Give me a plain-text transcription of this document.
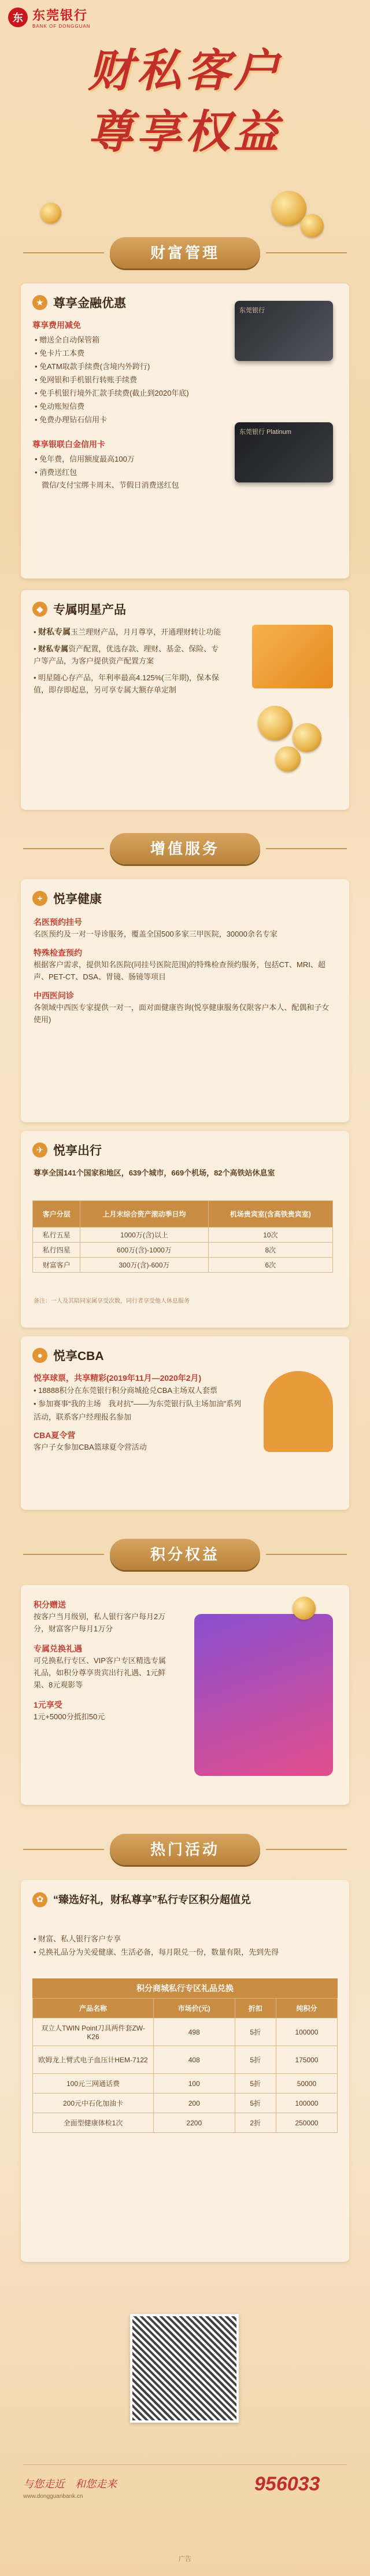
东 东莞银行
BANK OF DONGGUAN
财私客户
尊享权益
财富管理
★ 尊享金融优惠
尊享费用减免
• 赠送全自动保管箱
• 免卡片工本费
• 免ATM取款手续费(含境内外跨行)
• 免网银和手机银行转账手续费
• 免手机银行境外汇款手续费(截止到2020年底)
• 免动账短信费
• 免费办理钻石信用卡
东莞银行
尊享银联白金信用卡
• 免年费，信用额度最高100万
• 消费送红包
微信/支付宝绑卡周末、节假日消费送红包
东莞银行 Platinum
◆ 专属明星产品
• 财私专属玉兰理财产品，月月尊享，开通理财转让功能
• 财私专属资产配置，优选存款、理财、基金、保险、专户等产品，为客户提供资产配置方案
• 明星随心存产品，年利率最高4.125%(三年期)，保本保值，即存即起息，另可享专属大额存单定制
增值服务
+ 悦享健康
名医预约挂号
名医预约及一对一导诊服务，覆盖全国500多家三甲医院，30000余名专家
特殊检查预约
根据客户需求，提供知名医院(同挂号医院范围)的特殊检查预约服务，包括CT、MRI、超声、PET-CT、DSA、胃镜、肠镜等项目
中西医问诊
各领域中西医专家提供一对一，面对面健康咨询(悦享健康服务仅限客户本人、配偶和子女使用)
✈ 悦享出行
尊享全国141个国家和地区，639个城市，669个机场，82个高铁站休息室
客户分层	上月末综合资产滚动季日均	机场贵宾室(含高铁贵宾室)
私行五星	1000万(含)以上	10次
私行四星	600万(含)-1000万	8次
财富客户	300万(含)-600万	6次
备注：一人及其陪同家属享受次数，同行者享受他人休息服务
● 悦享CBA
悦享球票，共享精彩(2019年11月—2020年2月)
• 18888积分在东莞银行积分商城抢兑CBA主场双人套票
• 参加赛事“我的主场　我对抗”——为东莞银行队主场加油”系列活动，联系客户经理报名参加
CBA夏令营
客户子女参加CBA篮球夏令营活动
积分权益
积分赠送
按客户当月级别，私人银行客户每月2万分，财富客户每月1万分
专属兑换礼遇
可兑换私行专区、VIP客户专区精选专属礼品，如积分尊享贵宾出行礼遇、1元鲜果、8元观影等
1元享受
1元+5000分抵扣50元
热门活动
✿ “臻选好礼，财私尊享”私行专区积分超值兑
• 财富、私人银行客户专享
• 兑换礼品分为关爱健康、生活必备，每月限兑一份，数量有限，先到先得
积分商城私行专区礼品兑换
产品名称	市场价(元)	折扣	纯积分
双立人TWIN Point刀具两件套ZW-K26	498	5折	100000
欧姆龙上臂式电子血压计HEM-7122	408	5折	175000
100元三网通话费	100	5折	50000
200元中石化加油卡	200	5折	100000
全面型健康体检1次	2200	2折	250000
与您走近　和您走来
www.dongguanbank.cn
956033
广告
